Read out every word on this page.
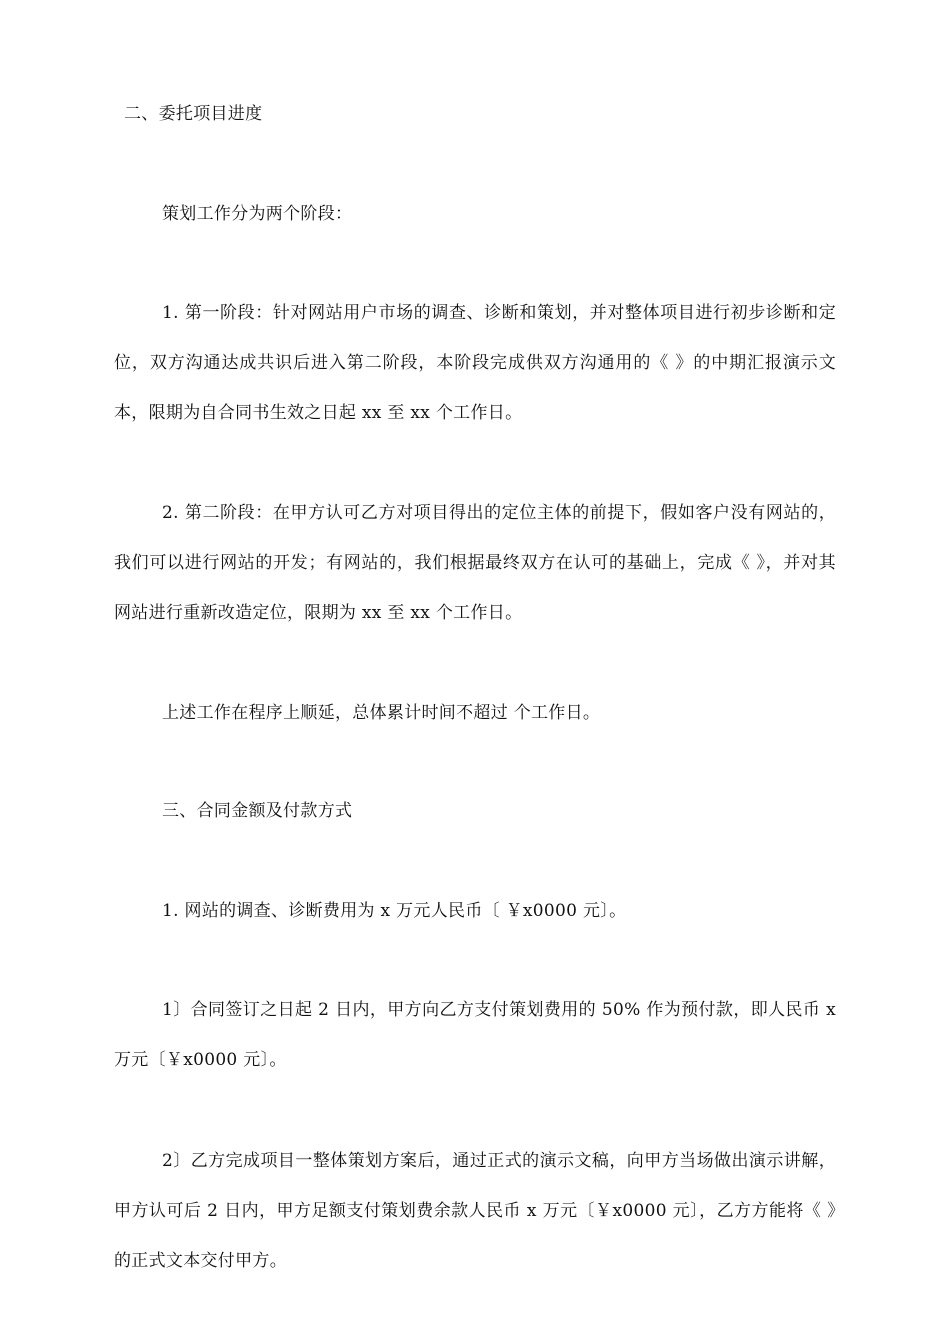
二、委托项目进度
策划工作分为两个阶段：
1. 第一阶段：针对网站用户市场的调查、诊断和策划，并对整体项目进行初步诊断和定位，双方沟通达成共识后进入第二阶段，本阶段完成供双方沟通用的《 》的中期汇报演示文本，限期为自合同书生效之日起 xx 至 xx 个工作日。
2. 第二阶段：在甲方认可乙方对项目得出的定位主体的前提下，假如客户没有网站的，我们可以进行网站的开发；有网站的，我们根据最终双方在认可的基础上，完成《 》，并对其网站进行重新改造定位，限期为 xx 至 xx 个工作日。
上述工作在程序上顺延，总体累计时间不超过 个工作日。
三、合同金额及付款方式
1. 网站的调查、诊断费用为 x 万元人民币〔 ￥x0000 元〕。
1〕合同签订之日起 2 日内，甲方向乙方支付策划费用的 50% 作为预付款，即人民币 x 万元〔￥x0000 元〕。
2〕乙方完成项目一整体策划方案后，通过正式的演示文稿，向甲方当场做出演示讲解，甲方认可后 2 日内，甲方足额支付策划费余款人民币 x 万元〔￥x0000 元〕，乙方方能将《 》的正式文本交付甲方。
